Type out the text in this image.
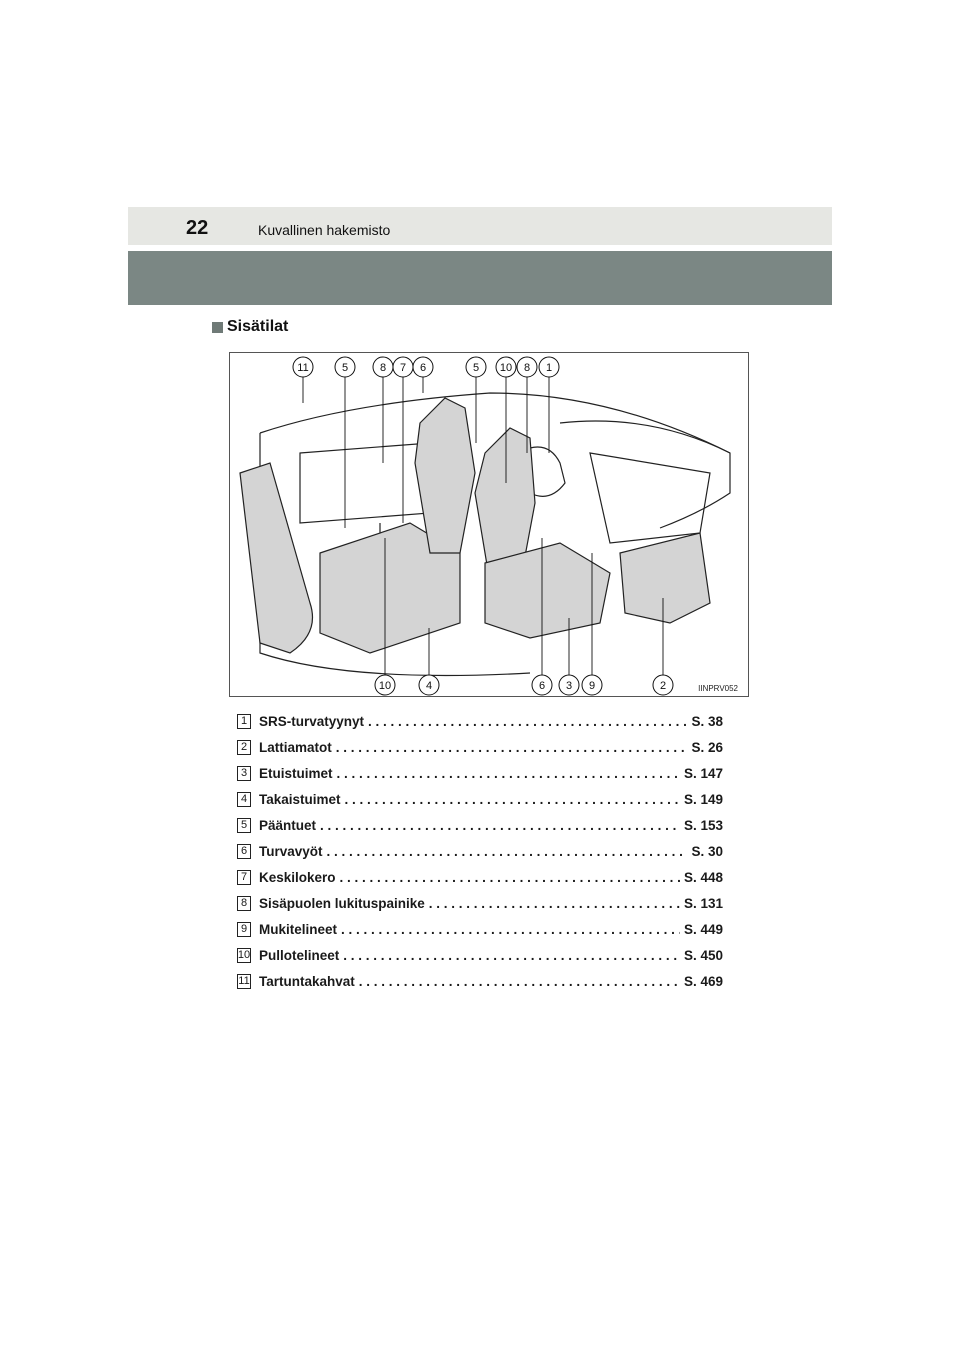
22	Kuvallinen hakemisto
Sisätilat
11	5	8 7 6	5 10 8 1
10	4	6 3 9	2	IINPRV052
1 SRS-turvatyynyt . . .	S. 38
2 Lattiamatot . . .	S. 26
3 Etuistuimet . . .	S. 147
4 Takaistuimet . . .	S. 149
5 Pääntuet . . .	S. 153
6 Turvavyöt . . .	S. 30
7 Keskilokero . . .	S. 448
8 Sisäpuolen lukituspainike . . .	S. 131
9 Mukitelineet . . .	S. 449
10 Pullotelineet . . .	S. 450
11 Tartuntakahvat . . .	S. 469
